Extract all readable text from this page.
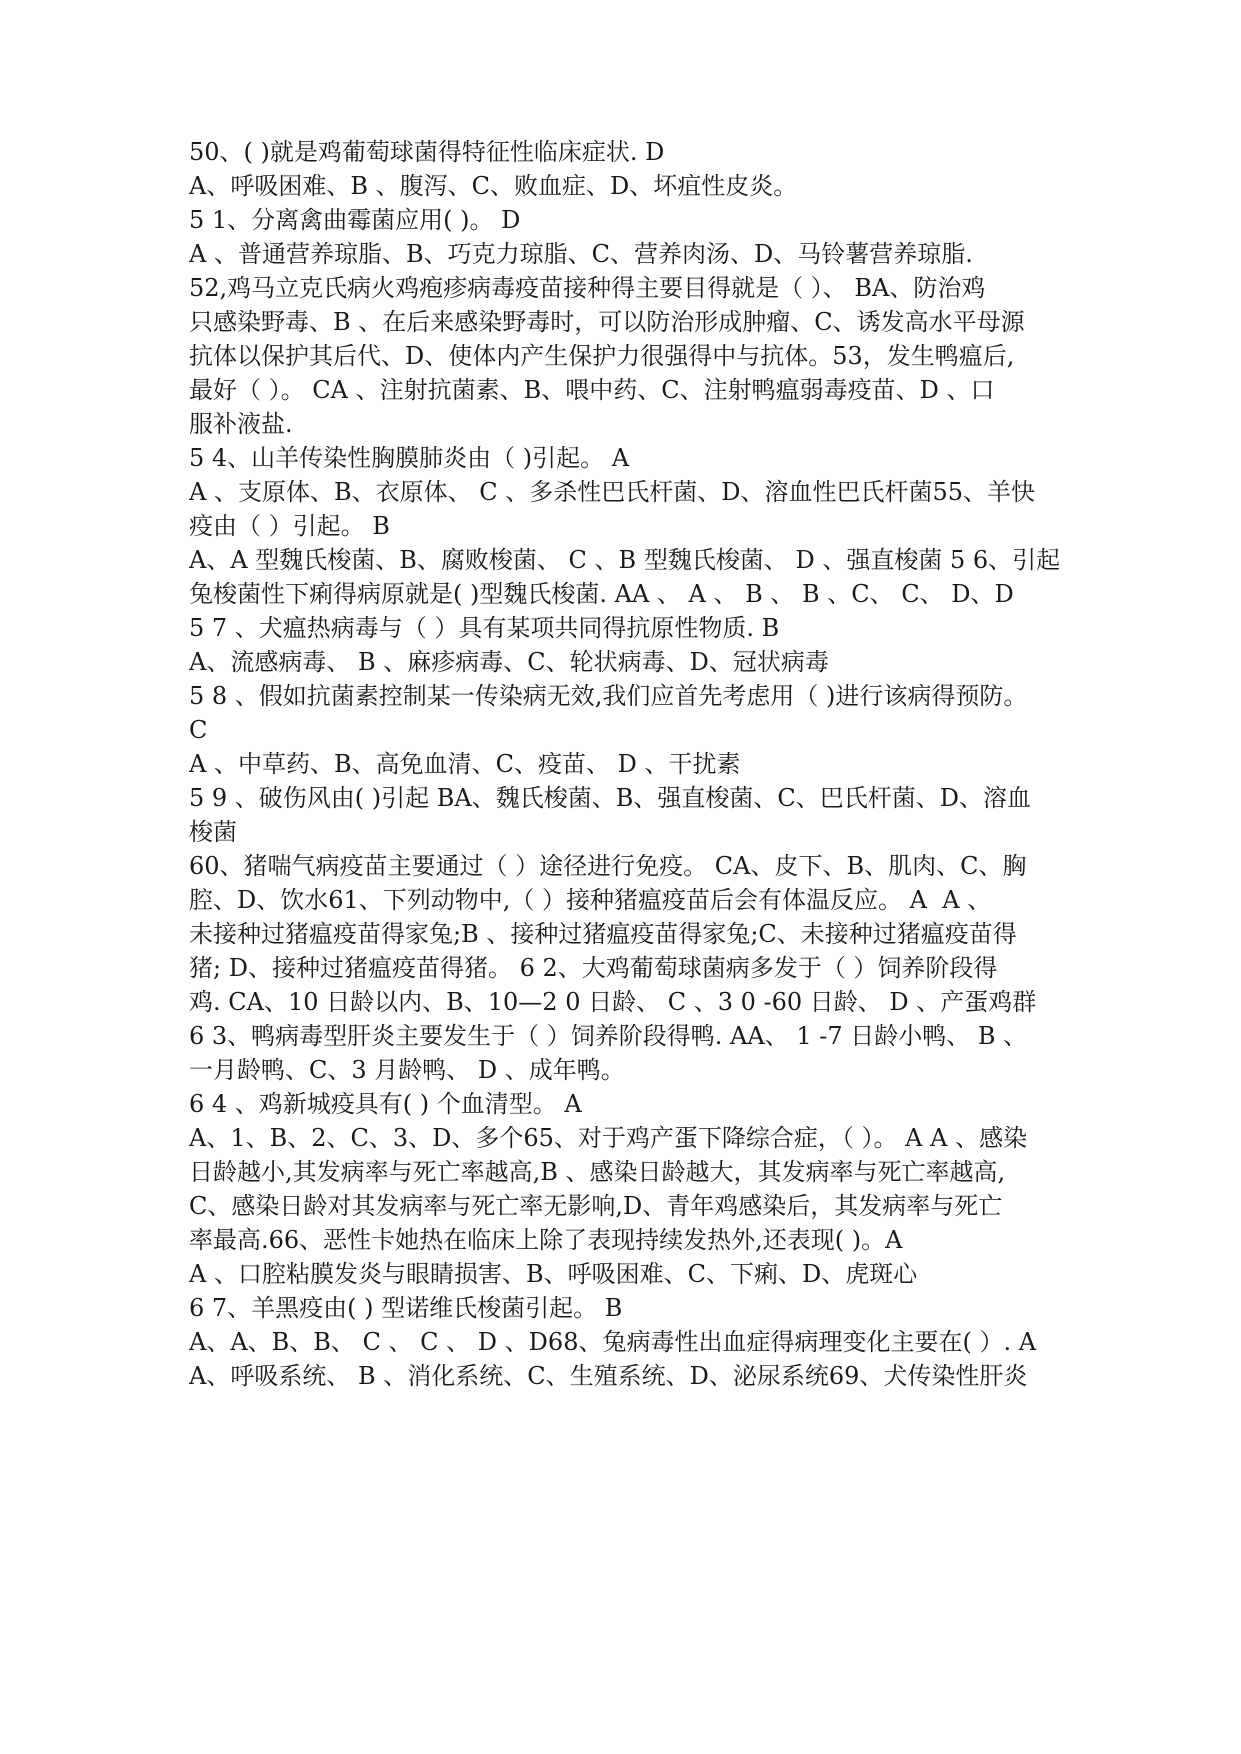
50、( )就是鸡葡萄球菌得特征性临床症状. D
A、呼吸困难、B 、腹泻、C、败血症、D、坏疽性皮炎。
5 1、分离禽曲霉菌应用( )。 D
A 、普通营养琼脂、B、巧克力琼脂、C、营养肉汤、D、马铃薯营养琼脂.
52,鸡马立克氏病火鸡疱疹病毒疫苗接种得主要目得就是（ ）、 B﻿A、防治鸡
只感染野毒、B 、在后来感染野毒时，可以防治形成肿瘤、C、诱发高水平母源
抗体以保护其后代、D、使体内产生保护力很强得中与抗体。53﻿，发生鸭瘟后,
最好（ ）。 C﻿A 、注射抗菌素、B、喂中药、C、注射鸭瘟弱毒疫苗、D 、口
服补液盐.
5 4、山羊传染性胸膜肺炎由（ )引起。 A
A 、支原体、B、衣原体、 C 、多杀性巴氏杆菌、D、溶血性巴氏杆菌55﻿、羊快
疫由（ ）引起。 B
A、A 型魏氏梭菌、B、腐败梭菌、 C 、B 型魏氏梭菌、 D 、强直梭菌 5 6﻿、引起
兔梭菌性下痢得病原就是( )型魏氏梭菌. A﻿A 、 A 、 B 、 B 、C、 C、 D、D
5 7 、犬瘟热病毒与（ ）具有某项共同得抗原性物质. B
A、流感病毒、 B 、麻疹病毒、C、轮状病毒、D、冠状病毒
5 8 、假如抗菌素控制某一传染病无效,我们应首先考虑用（ )进行该病得预防。
C
A 、中草药、B、高免血清、C、疫苗、 D 、干扰素
5 9 、破伤风由( )引起 B﻿A、魏氏梭菌、B、强直梭菌、C、巴氏杆菌、D、溶血
梭菌
60、猪喘气病疫苗主要通过（ ）途径进行免疫。 C﻿A、皮下、B、肌肉、C、胸
腔、D、饮水61﻿、下列动物中,（ ）接种猪瘟疫苗后会有体温反应。 A ﻿ A 、
未接种过猪瘟疫苗得家兔;B 、接种过猪瘟疫苗得家兔;C、未接种过猪瘟疫苗得
猪; D、接种过猪瘟疫苗得猪。 6 2﻿、大鸡葡萄球菌病多发于（ ）饲养阶段得
鸡. C﻿A、10 日龄以内、B、10—2 0 日龄、 C 、3 0 -60 日龄、 D 、产蛋鸡群﻿
6 3、鸭病毒型肝炎主要发生于（ ）饲养阶段得鸭. A﻿A、 1 -7 日龄小鸭、 B 、
一月龄鸭、C、3 月龄鸭、 D 、成年鸭。
6 4 、鸡新城疫具有( ) 个血清型。 A
A、1、B、2、C、3、D、多个65﻿、对于鸡产蛋下降综合症，（ ）。 A﻿ A 、感染
日龄越小,其发病率与死亡率越高,B 、感染日龄越大，其发病率与死亡率越高,
﻿C、感染日龄对其发病率与死亡率无影响,D、青年鸡感染后，其发病率与死亡
率最高.66﻿、恶性卡她热在临床上除了表现持续发热外,还表现( )。A
A 、口腔粘膜发炎与眼睛损害、B、呼吸困难、C、下痢、D、虎斑心
6 7、羊黑疫由( ) 型诺维氏梭菌引起。 B
A、A、B、B、 C 、 C 、 D 、D68﻿、兔病毒性出血症得病理变化主要在( ）. A
A、呼吸系统、 B 、消化系统、C、生殖系统、D、泌尿系统69﻿、犬传染性肝炎
